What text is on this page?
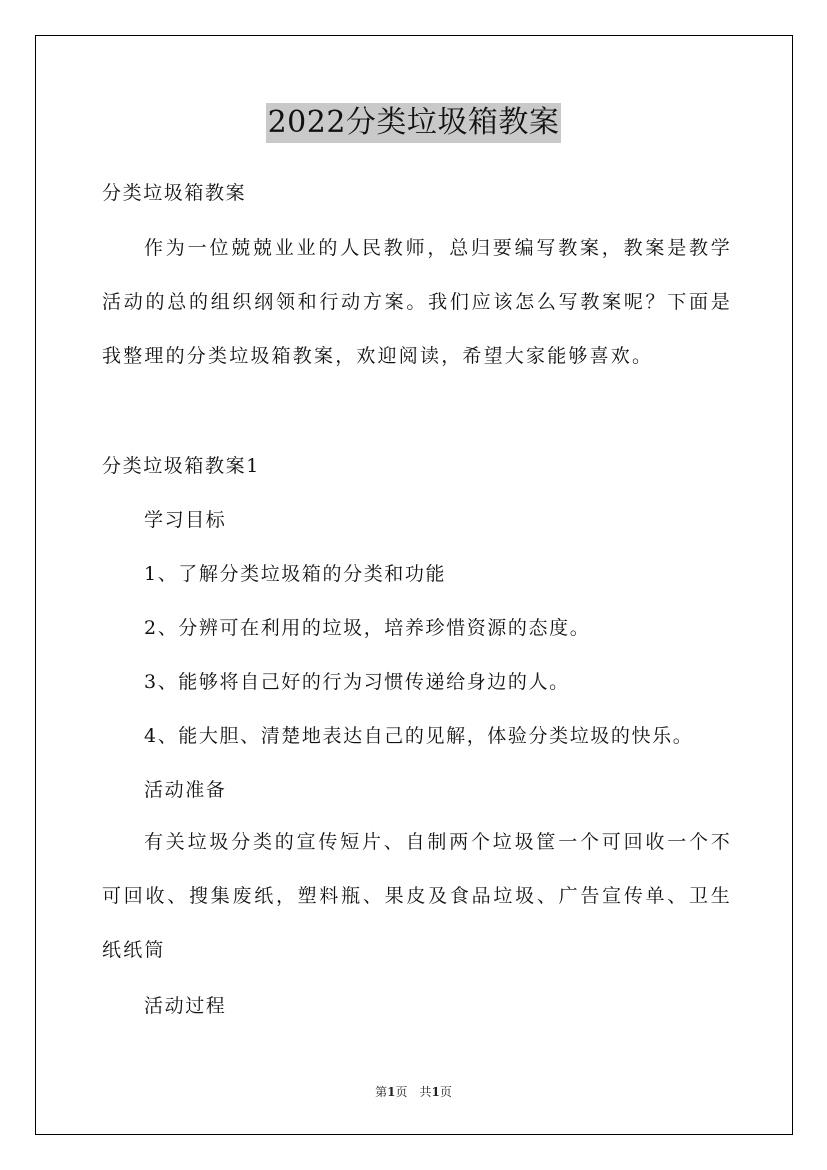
2022分类垃圾箱教案
分类垃圾箱教案
作为一位兢兢业业的人民教师，总归要编写教案，教案是教学活动的总的组织纲领和行动方案。我们应该怎么写教案呢？下面是我整理的分类垃圾箱教案，欢迎阅读，希望大家能够喜欢。
分类垃圾箱教案1
学习目标
1、了解分类垃圾箱的分类和功能
2、分辨可在利用的垃圾，培养珍惜资源的态度。
3、能够将自己好的行为习惯传递给身边的人。
4、能大胆、清楚地表达自己的见解，体验分类垃圾的快乐。
活动准备
有关垃圾分类的宣传短片、自制两个垃圾筐一个可回收一个不可回收、搜集废纸，塑料瓶、果皮及食品垃圾、广告宣传单、卫生纸纸筒
活动过程
第1页 共1页
